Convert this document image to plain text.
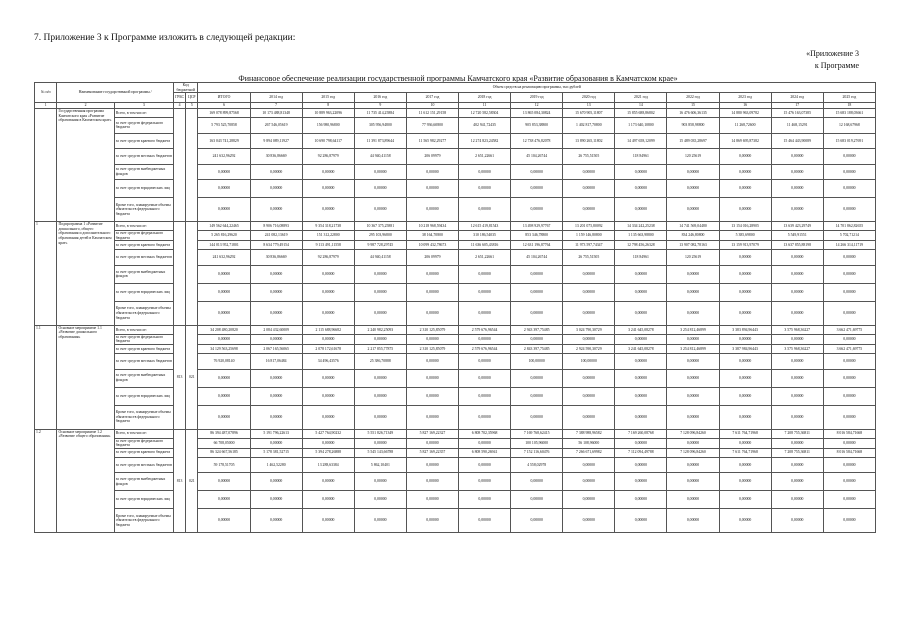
7. Приложение 3 к Программе изложить в следующей редакции:
«Приложение 3
к Программе
Финансовое обеспечение реализации государственной программы Камчатского края «Развитие образования в Камчатском крае»
№ п/п	Наименование государственной программы /		Код бюджетной		Объем средств на реализацию программы, тыс.рублей												
			ГРБС	ЦСР	ИТОГО	2014 год	2015 год	2016 год	2017 год	2018 год	2019 год	2020 год	2021 год	2022 год	2023 год	2024 год	2025 год

1	2	3	4	5	6	7	8	9	10	11	12	13	14	15	16	17	18
	Государственная программа Камчатского края «Развитие образования в Камчатском крае»	Всего, в том числе:			169 078 899,87568	10 173 488,81348	10 889 963,22096	11 735 414,25884	11 612 151,29158	12 720 582,58304	13 865 084,30824	15 670 905,11807	15 855 688,86802	16 476 606,36135	14 880 963,09782	15 476 163,07385	15 683 188,03661
		за счет средств федерального бюджета			5 793 525,70858	267 546,05619	156 980,96800	305 956,94800	77 936,60800	402 941,72435	905 853,38800	1 402 817,70800	1 173 640,10800	903 858,98800	11 268,72600	11 468,15291	12 168,67968
		за счет средств краевого бюджета			163 043 741,28829	9 894 089,11927	10 690 798,64117	11 391 873,89644	11 565 982,29277	12 274 823,24582	12 738 476,82078	13 890 265,11802	14 497 658,12099	15 489 035,28697	14 869 695,87382	15 464 443,90089	15 683 019,27691
		за счет средств местных бюджетов			241 632,96292	30 836,86669	92 286,87979	44 940,41158	206 09979	2 651,22661	45 104,26744	26 755,51505	118 84961	120 25619	0,00000	0,00000	0,00000
		за счет средств внебюджетных фондов			0,00000	0,00000	0,00000	0,00000	0,00000	0,00000	0,00000	0,00000	0,00000	0,00000	0,00000	0,00000	0,00000
		за счет средств юридических лиц			0,00000	0,00000	0,00000	0,00000	0,00000	0,00000	0,00000	0,00000	0,00000	0,00000	0,00000	0,00000	0,00000
		Кроме того, планируемые объемы обязательств федерального бюджета			0,00000	0,00000	0,00000	0,00000	0,00000	0,00000	0,00000	0,00000	0,00000	0,00000	0,00000	0,00000	0,00000
1	Подпрограмма 1 «Развитие дошкольного, общего образования и дополнительного образования детей в Камчатском крае»	Всего, в том числе:			149 562 644,22465	8 906 716,08893	9 354 318,21738	10 367 375,25881	10 218 968,59434	12 615 419,81543	13 498 929,97767	13 201 075,80092	14 334 242,25238	14 741 569,04480	13 154 016,28905	13 639 423,29749	14 701 862,82655
		за счет средств федерального бюджета			5 265 816,29620	241 082,13619	151 312,22800	295 103,96800	38 164,70800	310 186,54035	853 346,78800	1 159 146,80800	1 135 663,98800	834 246,80800	5 385,69800	5 549,91551	5 702,71214
		за счет средств краевого бюджета			144 013 952,71801	8 634 779,49154	9 113 491,11558	9 987 728,29745	10 099 432,78673	11 636 605,43816	12 631 196,87764	11 973 597,74347	12 798 456,26328	13 907 082,78163	13 159 913,97079	13 637 855,88198	14 266 314,11719
		за счет средств местных бюджетов			241 632,96292	30 836,86669	92 286,87979	44 940,41158	206 09979	2 651,22661	45 104,26744	26 755,51505	118 84961	120 25619	0,00000	0,00000	0,00000
		за счет средств внебюджетных фондов			0,00000	0,00000	0,00000	0,00000	0,00000	0,00000	0,00000	0,00000	0,00000	0,00000	0,00000	0,00000	0,00000
		за счет средств юридических лиц			0,00000	0,00000	0,00000	0,00000	0,00000	0,00000	0,00000	0,00000	0,00000	0,00000	0,00000	0,00000	0,00000
		Кроме того, планируемые объемы обязательств федерального бюджета			0,00000	0,00000	0,00000	0,00000	0,00000	0,00000	0,00000	0,00000	0,00000	0,00000	0,00000	0,00000	0,00000
1.1	Основное мероприятие 1.1 «Развитие дошкольного образования»	Всего, в том числе:	813	021	34 208 480,20820	2 084 432,60009	2 115 688,96682	2 240 982,25093	2 310 125,85079	2 579 676,96544	2 943 397,75485	3 024 790,30729	3 241 645,08278	3 254 812,46899	3 383 894,96443	3 575 968,36227	3 662 471,69775
		за счет средств федерального бюджета			0,00000	0,00000	0,00000	0,00000	0,00000	0,00000	0,00000	0,00000	0,00000	0,00000	0,00000	0,00000	0,00000
		за счет средств краевого бюджета			34 129 563,25698	2 067 165,56065	2 078 172,61678	2 217 855,77875	2 310 125,85079	2 579 676,96544	2 843 397,75485	2 924 590,30729	3 241 645,08278	3 254 812,46899	3 387 984,96443	3 575 968,36227	3 662 471,69775
		за счет средств местных бюджетов			76 920,08140	16 817,06484	34 496,43576	25 386,70888	0,00000	0,00000	100,00000	100,00000	0,00000	0,00000	0,00000	0,00000	0,00000
		за счет средств внебюджетных фондов			0,00000	0,00000	0,00000	0,00000	0,00000	0,00000	0,00000	0,00000	0,00000	0,00000	0,00000	0,00000	0,00000
		за счет средств юридических лиц			0,00000	0,00000	0,00000	0,00000	0,00000	0,00000	0,00000	0,00000	0,00000	0,00000	0,00000	0,00000	0,00000
		Кроме того, планируемые объемы обязательств федерального бюджета			0,00000	0,00000	0,00000	0,00000	0,00000	0,00000	0,00000	0,00000	0,00000	0,00000	0,00000	0,00000	0,00000
1.2	Основное мероприятие 1.2 «Развитие общего образования»	Всего, в том числе:	813	021	86 394 487,07896	5 191 796,22613	5 427 764,90232	5 551 826,71349	5 827 169,22327	6 808 702,35968	7 169 768,62415	7 388 988,96582	7 169 260,08768	7 128 096,84260	7 611 764,71968	7 208 755,36811	8 016 584,71668
		за счет средств федерального бюджета			66 708,05000	0,00000	0,00000	0,00000	0,00000	0,00000	100 105,96000	56 108,96000	0,00000	0,00000	0,00000	0,00000	0,00000
		за счет средств краевого бюджета			86 324 667,56185	5 178 381,52715	5 394 278,26888	5 545 143,66788	5 827 169,22357	6 808 590,26941	7 152 116,60476	7 266 671,69982	7 112 094,49788	7 128 096,84260	7 611 764,71968	7 208 755,36811	8 016 584,71668
		за счет средств местных бюджетов			59 178,51705	1 462,52280	13 288,63384	5 862,10401	0,00000	0,00000	4 558,02978	0,00000	0,00000	0,00000	0,00000	0,00000	0,00000
		за счет средств внебюджетных фондов			0,00000	0,00000	0,00000	0,00000	0,00000	0,00000	0,00000	0,00000	0,00000	0,00000	0,00000	0,00000	0,00000
		за счет средств юридических лиц			0,00000	0,00000	0,00000	0,00000	0,00000	0,00000	0,00000	0,00000	0,00000	0,00000	0,00000	0,00000	0,00000
		Кроме того, планируемые объемы обязательств федерального бюджета			0,00000	0,00000	0,00000	0,00000	0,00000	0,00000	0,00000	0,00000	0,00000	0,00000	0,00000	0,00000	0,00000
